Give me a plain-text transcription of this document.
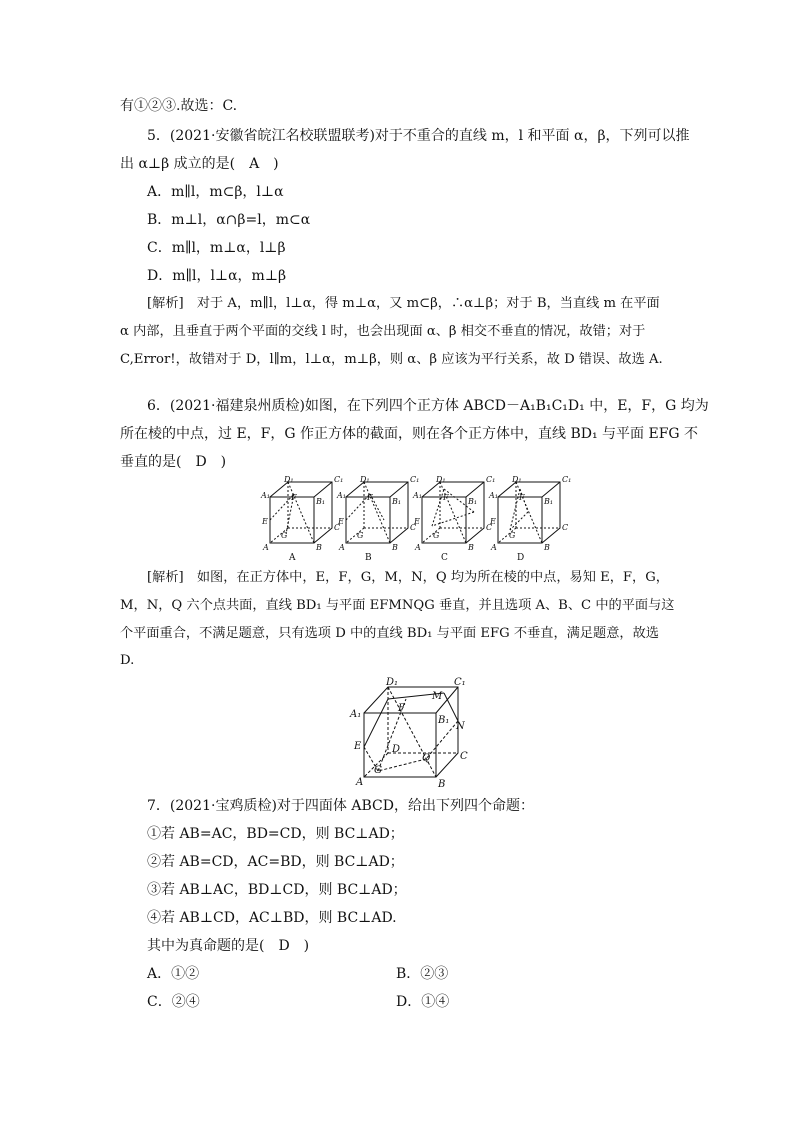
有①②③.故选：C.
5．(2021·安徽省皖江名校联盟联考)对于不重合的直线 m，l 和平面 α，β，下列可以推
出 α⊥β 成立的是(　A　)
A．m∥l，m⊂β，l⊥α
B．m⊥l，α∩β=l，m⊂α
C．m∥l，m⊥α，l⊥β
D．m∥l，l⊥α，m⊥β
[解析]　对于 A，m∥l，l⊥α，得 m⊥α，又 m⊂β，∴α⊥β；对于 B，当直线 m 在平面
α 内部，且垂直于两个平面的交线 l 时，也会出现面 α、β 相交不垂直的情况，故错；对于
C,Error!，故错对于 D，l∥m，l⊥α，m⊥β，则 α、β 应该为平行关系，故 D 错误、故选 A.
6．(2021·福建泉州质检)如图，在下列四个正方体 ABCD－A₁B₁C₁D₁ 中，E，F，G 均为
所在棱的中点，过 E，F，G 作正方体的截面，则在各个正方体中，直线 BD₁ 与平面 EFG 不
垂直的是(　D　)
A₁
D₁	C₁
B₁
F
E
G
A	B
C
A₁
D₁	C₁
B₁
F
E
G
A	B
C
A₁
D₁	C₁
B₁
F
E
G
A	B
C
A₁
D₁	C₁
B₁
F
E
G
A	B
C
A	B	C	D
[解析]　如图，在正方体中，E，F，G，M，N，Q 均为所在棱的中点，易知 E，F，G，
M，N，Q 六个点共面，直线 BD₁ 与平面 EFMNQG 垂直，并且选项 A、B、C 中的平面与这
个平面重合，不满足题意，只有选项 D 中的直线 BD₁ 与平面 EFG 不垂直，满足题意，故选
D.
D₁	C₁
M
A₁
F
B₁
N
E	D
Q	C
G
A	B
7．(2021·宝鸡质检)对于四面体 ABCD，给出下列四个命题：
①若 AB=AC，BD=CD，则 BC⊥AD；
②若 AB=CD，AC=BD，则 BC⊥AD；
③若 AB⊥AC，BD⊥CD，则 BC⊥AD；
④若 AB⊥CD，AC⊥BD，则 BC⊥AD.
其中为真命题的是(　D　)
A．①②	B．②③
C．②④	D．①④
